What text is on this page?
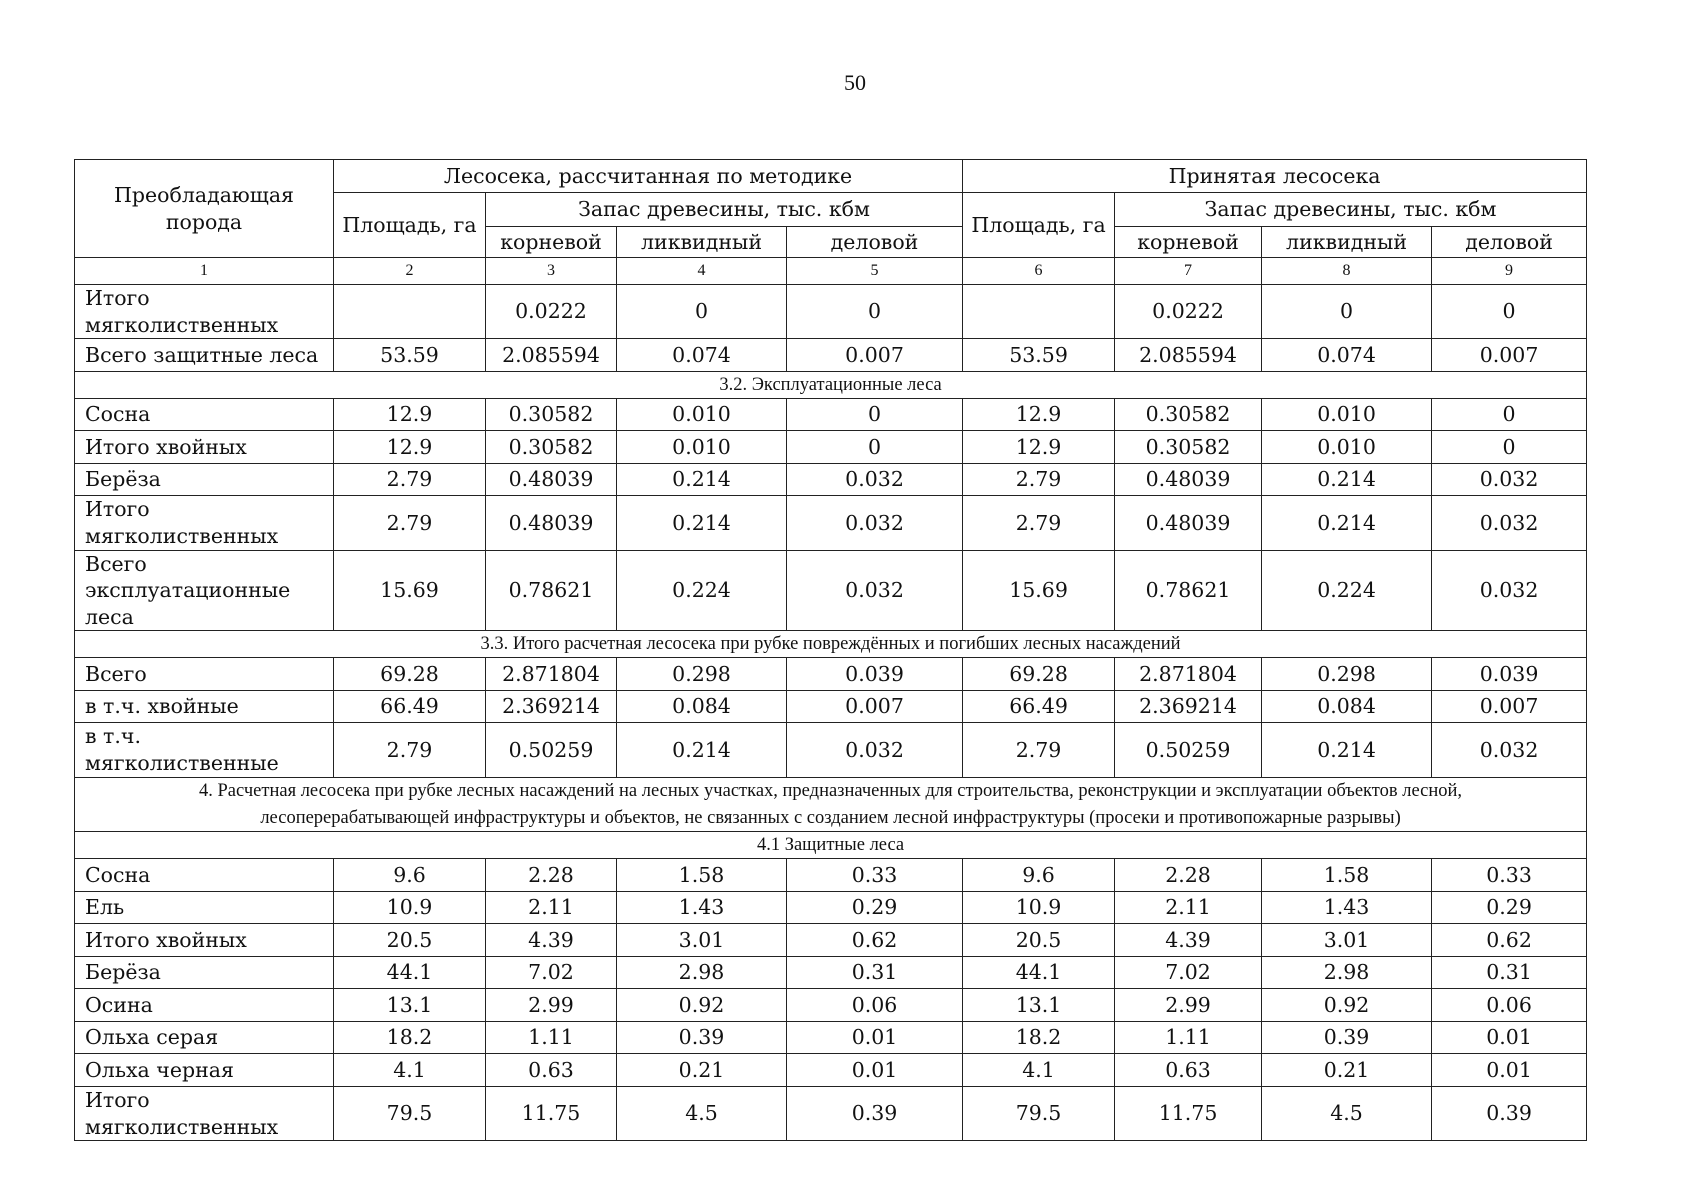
50
Преобладающая порода	Лесосека, рассчитанная по методике				Принятая лесосека			
	Площадь, га	Запас древесины, тыс. кбм			Площадь, га	Запас древесины, тыс. кбм		
		корневой	ликвидный	деловой		корневой	ликвидный	деловой
1	2	3	4	5	6	7	8	9
Итого мягколиственных		0.0222	0	0		0.0222	0	0
Всего защитные леса	53.59	2.085594	0.074	0.007	53.59	2.085594	0.074	0.007
3.2. Эксплуатационные леса								
Сосна	12.9	0.30582	0.010	0	12.9	0.30582	0.010	0
Итого хвойных	12.9	0.30582	0.010	0	12.9	0.30582	0.010	0
Берёза	2.79	0.48039	0.214	0.032	2.79	0.48039	0.214	0.032
Итого мягколиственных	2.79	0.48039	0.214	0.032	2.79	0.48039	0.214	0.032
Всего эксплуатационные леса	15.69	0.78621	0.224	0.032	15.69	0.78621	0.224	0.032
3.3. Итого расчетная лесосека при рубке повреждённых и погибших лесных насаждений								
Всего	69.28	2.871804	0.298	0.039	69.28	2.871804	0.298	0.039
в т.ч. хвойные	66.49	2.369214	0.084	0.007	66.49	2.369214	0.084	0.007
в т.ч. мягколиственные	2.79	0.50259	0.214	0.032	2.79	0.50259	0.214	0.032
4. Расчетная лесосека при рубке лесных насаждений на лесных участках, предназначенных для строительства, реконструкции и эксплуатации объектов лесной, лесоперерабатывающей инфраструктуры и объектов, не связанных с созданием лесной инфраструктуры (просеки и противопожарные разрывы)								
4.1 Защитные леса								
Сосна	9.6	2.28	1.58	0.33	9.6	2.28	1.58	0.33
Ель	10.9	2.11	1.43	0.29	10.9	2.11	1.43	0.29
Итого хвойных	20.5	4.39	3.01	0.62	20.5	4.39	3.01	0.62
Берёза	44.1	7.02	2.98	0.31	44.1	7.02	2.98	0.31
Осина	13.1	2.99	0.92	0.06	13.1	2.99	0.92	0.06
Ольха серая	18.2	1.11	0.39	0.01	18.2	1.11	0.39	0.01
Ольха черная	4.1	0.63	0.21	0.01	4.1	0.63	0.21	0.01
Итого мягколиственных	79.5	11.75	4.5	0.39	79.5	11.75	4.5	0.39
